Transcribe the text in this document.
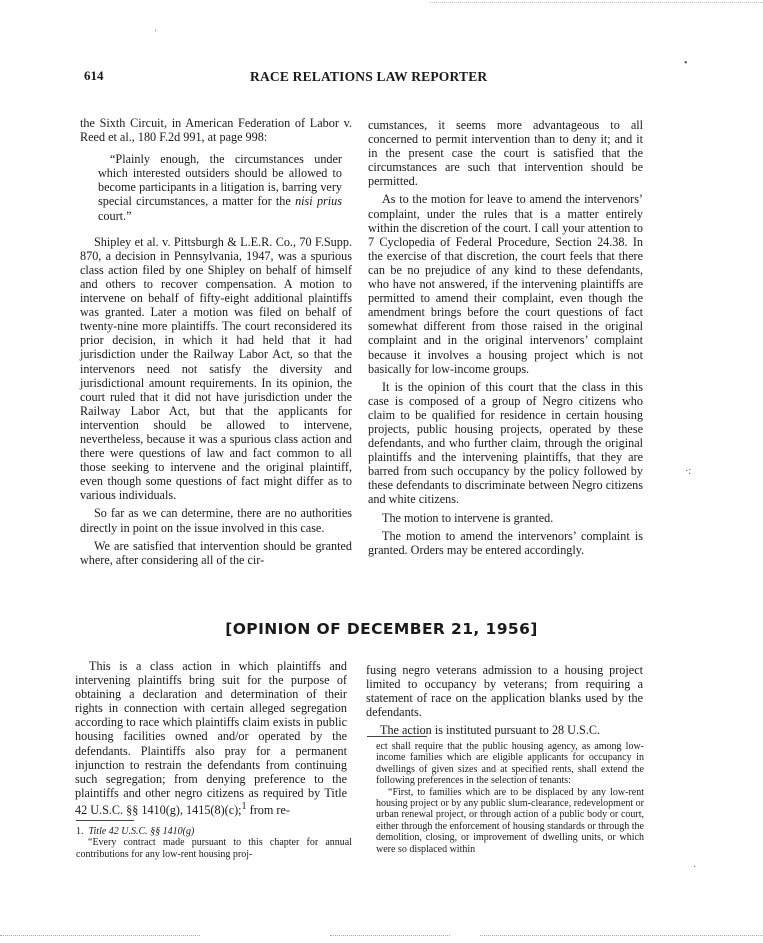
'
•
·:
·
614	RACE RELATIONS LAW REPORTER

the Sixth Circuit, in American Federation of Labor v. Reed et al., 180 F.2d 991, at page 998:

“Plainly enough, the circumstances under which interested outsiders should be allowed to become participants in a litigation is, barring very special circumstances, a matter for the nisi prius court.”

Shipley et al. v. Pittsburgh & L.E.R. Co., 70 F.Supp. 870, a decision in Pennsylvania, 1947, was a spurious class action filed by one Shipley on behalf of himself and others to recover compensation. A motion to intervene on behalf of fifty-eight additional plaintiffs was granted. Later a motion was filed on behalf of twenty-nine more plaintiffs. The court reconsidered its prior decision, in which it had held that it had jurisdiction under the Railway Labor Act, so that the intervenors need not satisfy the diversity and jurisdictional amount requirements. In its opinion, the court ruled that it did not have jurisdiction under the Railway Labor Act, but that the applicants for intervention should be allowed to intervene, nevertheless, because it was a spurious class action and there were questions of law and fact common to all those seeking to intervene and the original plaintiff, even though some questions of fact might differ as to various individuals.

So far as we can determine, there are no authorities directly in point on the issue involved in this case.

We are satisfied that intervention should be granted where, after considering all of the cir-

cumstances, it seems more advantageous to all concerned to permit intervention than to deny it; and it in the present case the court is satisfied that the circumstances are such that intervention should be permitted.

As to the motion for leave to amend the intervenors’ complaint, under the rules that is a matter entirely within the discretion of the court. I call your attention to 7 Cyclopedia of Federal Procedure, Section 24.38. In the exercise of that discretion, the court feels that there can be no prejudice of any kind to these defendants, who have not answered, if the intervening plaintiffs are permitted to amend their complaint, even though the amendment brings before the court questions of fact somewhat different from those raised in the original complaint and in the original intervenors’ complaint because it involves a housing project which is not basically for low-income groups.

It is the opinion of this court that the class in this case is composed of a group of Negro citizens who claim to be qualified for residence in certain housing projects, public housing projects, operated by these defendants, and who further claim, through the original plaintiffs and the intervening plaintiffs, that they are barred from such occupancy by the policy followed by these defendants to discriminate between Negro citizens and white citizens.

The motion to intervene is granted.

The motion to amend the intervenors’ complaint is granted. Orders may be entered accordingly.

[OPINION OF DECEMBER 21, 1956]

This is a class action in which plaintiffs and intervening plaintiffs bring suit for the purpose of obtaining a declaration and determination of their rights in connection with certain alleged segregation according to race which plaintiffs claim exists in public housing facilities owned and/or operated by the defendants. Plaintiffs also pray for a permanent injunction to restrain the defendants from continuing such segregation; from denying preference to the plaintiffs and other negro citizens as required by Title 42 U.S.C. §§ 1410(g), 1415(8)(c);$^1$ from re-

fusing negro veterans admission to a housing project limited to occupancy by veterans; from requiring a statement of race on the application blanks used by the defendants.

The action is instituted pursuant to 28 U.S.C.

1. Title 42 U.S.C. §§ 1410(g)

“Every contract made pursuant to this chapter for annual contributions for any low-rent housing proj-

ect shall require that the public housing agency, as among low-income families which are eligible applicants for occupancy in dwellings of given sizes and at specified rents, shall extend the following preferences in the selection of tenants:

“First, to families which are to be displaced by any low-rent housing project or by any public slum-clearance, redevelopment or urban renewal project, or through action of a public body or court, either through the enforcement of housing standards or through the demolition, closing, or improvement of dwelling units, or which were so displaced within
